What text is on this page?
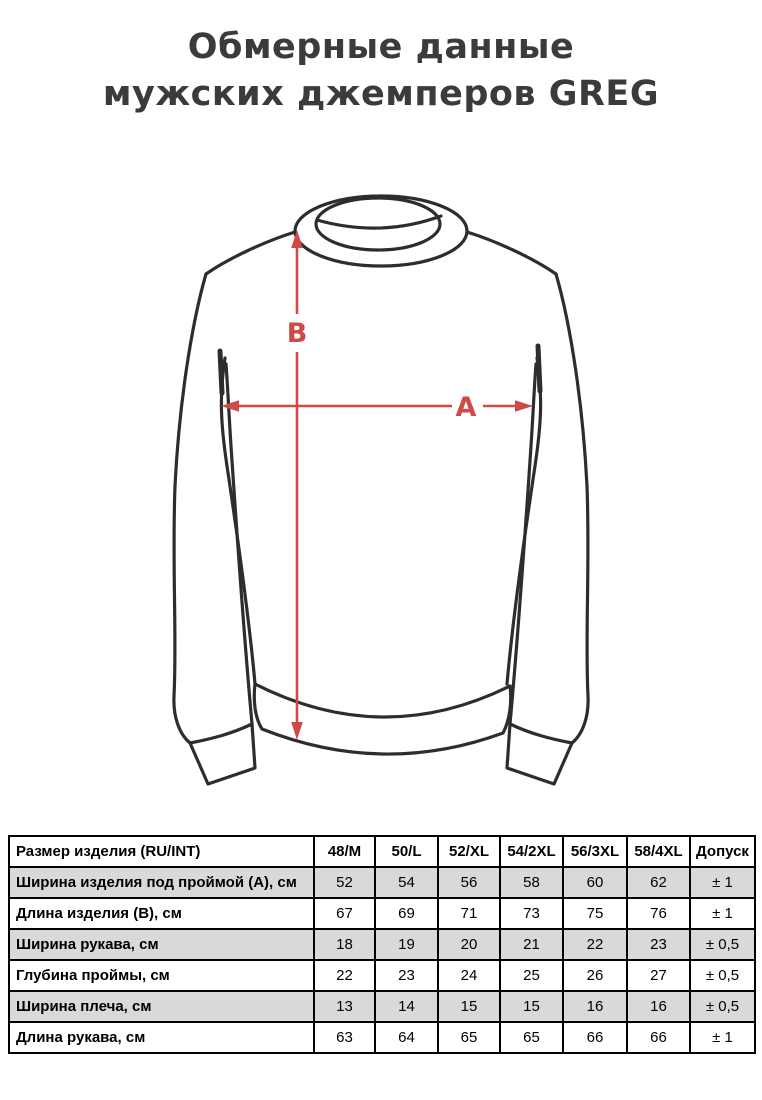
Обмерные данные
мужских джемперов GREG
B
A
Размер изделия (RU/INT)	48/M	50/L	52/XL	54/2XL	56/3XL	58/4XL	Допуск
Ширина изделия под проймой (А), см	52	54	56	58	60	62	± 1
Длина изделия (В), см	67	69	71	73	75	76	± 1
Ширина рукава, см	18	19	20	21	22	23	± 0,5
Глубина проймы, см	22	23	24	25	26	27	± 0,5
Ширина плеча, см	13	14	15	15	16	16	± 0,5
Длина рукава, см	63	64	65	65	66	66	± 1
